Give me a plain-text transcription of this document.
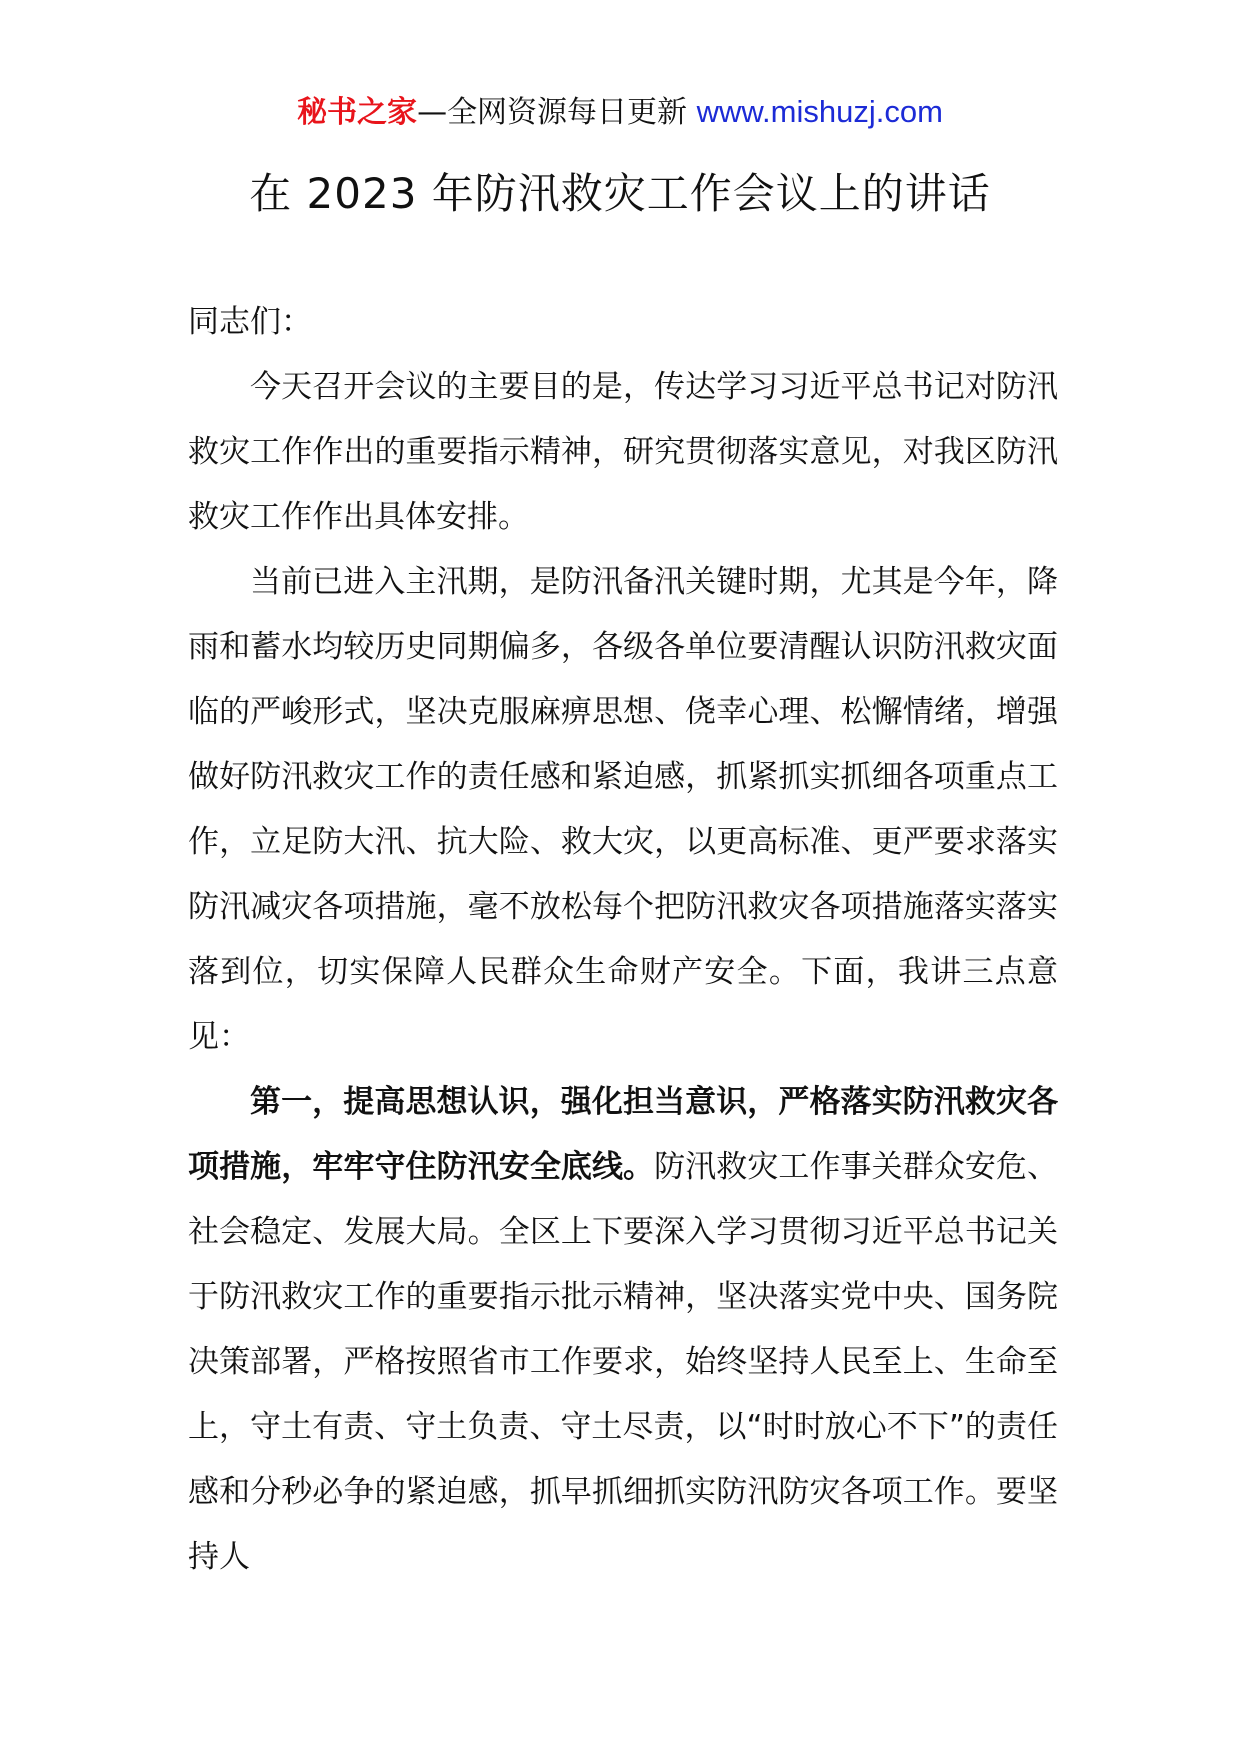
秘书之家—全网资源每日更新 www.mishuzj.com
在 2023 年防汛救灾工作会议上的讲话

同志们：

今天召开会议的主要目的是，传达学习习近平总书记对防汛救灾工作作出的重要指示精神，研究贯彻落实意见，对我区防汛救灾工作作出具体安排。

当前已进入主汛期，是防汛备汛关键时期，尤其是今年，降雨和蓄水均较历史同期偏多，各级各单位要清醒认识防汛救灾面临的严峻形式，坚决克服麻痹思想、侥幸心理、松懈情绪，增强做好防汛救灾工作的责任感和紧迫感，抓紧抓实抓细各项重点工作，立足防大汛、抗大险、救大灾，以更高标准、更严要求落实防汛减灾各项措施，毫不放松每个把防汛救灾各项措施落实落实落到位，切实保障人民群众生命财产安全。下面，我讲三点意见：

第一，提高思想认识，强化担当意识，严格落实防汛救灾各项措施，牢牢守住防汛安全底线。防汛救灾工作事关群众安危、社会稳定、发展大局。全区上下要深入学习贯彻习近平总书记关于防汛救灾工作的重要指示批示精神，坚决落实党中央、国务院决策部署，严格按照省市工作要求，始终坚持人民至上、生命至上，守土有责、守土负责、守土尽责，以“时时放心不下”的责任感和分秒必争的紧迫感，抓早抓细抓实防汛防灾各项工作。要坚持人
